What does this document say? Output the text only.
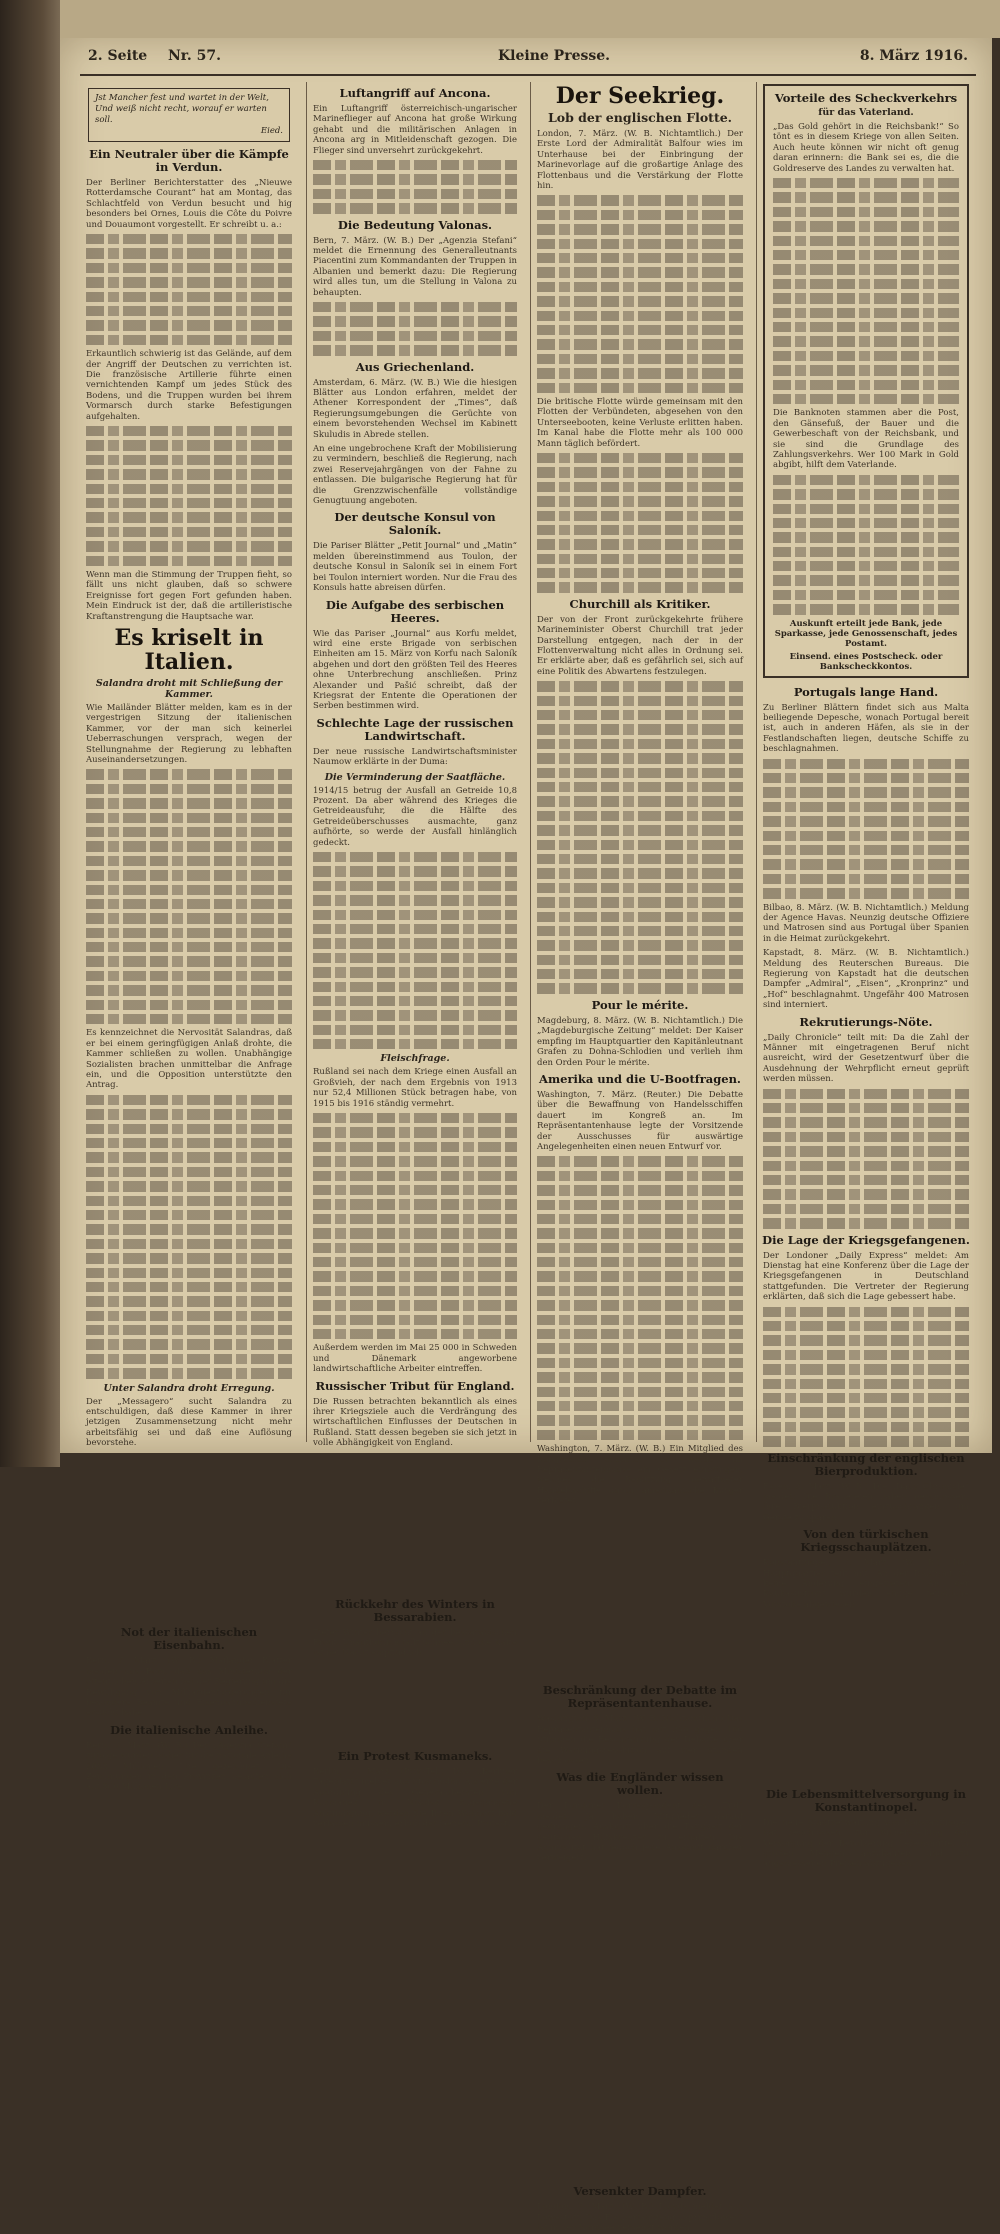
2. Seite Nr. 57.	Kleine Presse.	8. März 1916.
Jst Mancher fest und wartet in der Welt,
Und weiß nicht recht, worauf er warten soll.
Eied.
Ein Neutraler über die Kämpfe in Verdun.

Der Berliner Berichterstatter des „Nieuwe Rotterdamsche Courant“ hat am Montag, das Schlachtfeld von Verdun besucht und hig besonders bei Ornes, Louis die Côte du Poivre und Douaumont vorgestellt. Er schreibt u. a.:

Erkauntlich schwierig ist das Gelände, auf dem der Angriff der Deutschen zu verrichten ist. Die französische Artillerie führte einen vernichtenden Kampf um jedes Stück des Bodens, und die Truppen wurden bei ihrem Vormarsch durch starke Befestigungen aufgehalten.

Wenn man die Stimmung der Truppen fieht, so fällt uns nicht glauben, daß so schwere Ereignisse fort gegen Fort gefunden haben. Mein Eindruck ist der, daß die artilleristische Kraftanstrengung die Hauptsache war.

Es kriselt in Italien.
Salandra droht mit Schließung der Kammer.

Wie Mailänder Blätter melden, kam es in der vergestrigen Sitzung der italienischen Kammer, vor der man sich keinerlei Ueberraschungen versprach, wegen der Stellungnahme der Regierung zu lebhaften Auseinandersetzungen.

Es kennzeichnet die Nervosität Salandras, daß er bei einem geringfügigen Anlaß drohte, die Kammer schließen zu wollen. Unabhängige Sozialisten brachen unmittelbar die Anfrage ein, und die Opposition unterstützte den Antrag.

Unter Salandra droht Erregung.

Der „Messagero“ sucht Salandra zu entschuldigen, daß diese Kammer in ihrer jetzigen Zusammensetzung nicht mehr arbeitsfähig sei und daß eine Auflösung bevorstehe.

Not der italienischen Eisenbahn.

Bern, 7. März. (W. B.) Mailänder Blätter melden aus Rom, daß das Ministerium der öffentlichen Arbeiten bei der Regierung um die Bewilligung von Milliardenforderungen für besondere Beamte und Eisenbahnbedienstete ersucht habe.

Die italienische Anleihe.

Bern, 7. März. (W. B.) Der „Agenzia Stefani“ zufolge wurden bisher für die nationale Anleihe 2083 Millionen Lire gezeichnet. Die Zeichnungen in den Provinzen belaufen sich auf 800 Millionen Lire.

Luftangriff auf Ancona.

Ein Luftangriff österreichisch-ungarischer Marineflieger auf Ancona hat große Wirkung gehabt und die militärischen Anlagen in Ancona arg in Mitleidenschaft gezogen. Die Flieger sind unversehrt zurückgekehrt.

Die Bedeutung Valonas.

Bern, 7. März. (W. B.) Der „Agenzia Stefani“ meldet die Ernennung des Generalleutnants Piacentini zum Kommandanten der Truppen in Albanien und bemerkt dazu: Die Regierung wird alles tun, um die Stellung in Valona zu behaupten.

Aus Griechenland.

Amsterdam, 6. März. (W. B.) Wie die hiesigen Blätter aus London erfahren, meldet der Athener Korrespondent der „Times“, daß Regierungsumgebungen die Gerüchte von einem bevorstehenden Wechsel im Kabinett Skuludis in Abrede stellen.

An eine ungebrochene Kraft der Mobilisierung zu vermindern, beschließ die Regierung, nach zwei Reservejahrgängen von der Fahne zu entlassen. Die bulgarische Regierung hat für die Grenzzwischenfälle vollständige Genugtuung angeboten.

Der deutsche Konsul von Saloník.

Die Pariser Blätter „Petit Journal“ und „Matin“ melden übereinstimmend aus Toulon, der deutsche Konsul in Saloník sei in einem Fort bei Toulon interniert worden. Nur die Frau des Konsuls hatte abreisen dürfen.

Die Aufgabe des serbischen Heeres.

Wie das Pariser „Journal“ aus Korfu meldet, wird eine erste Brigade von serbischen Einheiten am 15. März von Korfu nach Saloník abgehen und dort den größten Teil des Heeres ohne Unterbrechung anschließen. Prinz Alexander und Pašić schreibt, daß der Kriegsrat der Entente die Operationen der Serben bestimmen wird.

Schlechte Lage der russischen Landwirtschaft.

Der neue russische Landwirtschaftsminister Naumow erklärte in der Duma:

Die Verminderung der Saatfläche.

1914/15 betrug der Ausfall an Getreide 10,8 Prozent. Da aber während des Krieges die Getreideausfuhr, die die Hälfte des Getreideüberschusses ausmachte, ganz aufhörte, so werde der Ausfall hinlänglich gedeckt.

Fleischfrage.

Rußland sei nach dem Kriege einen Ausfall an Großvieh, der nach dem Ergebnis von 1913 nur 52,4 Millionen Stück betragen habe, von 1915 bis 1916 ständig vermehrt.

Außerdem werden im Mai 25 000 in Schweden und Dänemark angeworbene landwirtschaftliche Arbeiter eintreffen.

Russischer Tribut für England.

Die Russen betrachten bekanntlich als eines ihrer Kriegsziele auch die Verdrängung des wirtschaftlichen Einflusses der Deutschen in Rußland. Statt dessen begeben sie sich jetzt in volle Abhängigkeit von England.

Rückkehr des Winters in Bessarabien.

Tiefer Winter herrscht an der bessarabischen Front. Unaufhörlich fällt Schnee, und die Kälte ist bei Nacht empfindlich.

Ein Protest Kusmaneks.

Berlin, 7. März. (Priv.-Tel.) Das „Berliner Tageblatt“ meldet aus Stockholm: Als eine der Abordnung des Generalobersten von Kusmanek in Nikolsk zugegangene Ankündigung, werden Sie Ihren Wohnort bald verlassen müssen, erhob der General Protest.

Der Seekrieg.
Lob der englischen Flotte.

London, 7. März. (W. B. Nichtamtlich.) Der Erste Lord der Admiralität Balfour wies im Unterhause bei der Einbringung der Marinevorlage auf die großartige Anlage des Flottenbaus und die Verstärkung der Flotte hin.

Die britische Flotte würde gemeinsam mit den Flotten der Verbündeten, abgesehen von den Unterseebooten, keine Verluste erlitten haben. Im Kanal habe die Flotte mehr als 100 000 Mann täglich befördert.

Churchill als Kritiker.

Der von der Front zurückgekehrte frühere Marineminister Oberst Churchill trat jeder Darstellung entgegen, nach der in der Flottenverwaltung nicht alles in Ordnung sei. Er erklärte aber, daß es gefährlich sei, sich auf eine Politik des Abwartens festzulegen.

Pour le mérite.

Magdeburg, 8. März. (W. B. Nichtamtlich.) Die „Magdeburgische Zeitung“ meldet: Der Kaiser empfing im Hauptquartier den Kapitänleutnant Grafen zu Dohna-Schlodien und verlieh ihm den Orden Pour le mérite.

Amerika und die U-Bootfragen.

Washington, 7. März. (Reuter.) Die Debatte über die Bewaffnung von Handelsschiffen dauert im Kongreß an. Im Repräsentantenhause legte der Vorsitzende der Ausschusses für auswärtige Angelegenheiten einen neuen Entwurf vor.

Washington, 7. März. (W. B.) Ein Mitglied des Kongresses erklärte, er werde im Repräsentantenhause ein Gesetz einbringen, welches die Benutzung bewaffneter Handelsschiffe durch amerikanische Bürger verbietet.

Beschränkung der Debatte im Repräsentantenhause.

Washington, 8. März. (W. B. Nichtamtlich.) Das Repräsentantenhaus hat mit 256 gegen 160 Stimmen die Beschränkung der Debatte über die Warnungsresolution auf vier Stunden beschlossen.

Was die Engländer wissen wollen.

Der Londoner Korrespondent des „Tijd“ meldet: Ja, haben Mitglieder darauf gedrungen, Auskunft über die Tätigkeit der deutschen Hilfskreuzer zu erhalten. Die Admiralität hat jedoch jede Auskunft darüber verweigert.

Versenkter Dampfer.

London, 7. März. (W. B.) Lloyds meldet aus Lowestoft: Das Fischerfahrzeug „Springflower“ ist in der Nordsee versenkt worden.

Vorteile des Scheckverkehrs
für das Vaterland.

„Das Gold gehört in die Reichsbank!“ So tönt es in diesem Kriege von allen Seiten. Auch heute können wir nicht oft genug daran erinnern: die Bank sei es, die die Goldreserve des Landes zu verwalten hat.

Die Banknoten stammen aber die Post, den Gänsefuß, der Bauer und die Gewerbeschaft von der Reichsbank, und sie sind die Grundlage des Zahlungsverkehrs. Wer 100 Mark in Gold abgibt, hilft dem Vaterlande.

Auskunft erteilt jede Bank, jede Sparkasse, jede Genossenschaft, jedes Postamt.
Einsend. eines Postscheck. oder Bankscheckkontos.
Portugals lange Hand.

Zu Berliner Blättern findet sich aus Malta beiliegende Depesche, wonach Portugal bereit ist, auch in anderen Häfen, als sie in der Festlandschaften liegen, deutsche Schiffe zu beschlagnahmen.

Bilbao, 8. März. (W. B. Nichtamtlich.) Meldung der Agence Havas. Neunzig deutsche Offiziere und Matrosen sind aus Portugal über Spanien in die Heimat zurückgekehrt.

Kapstadt, 8. März. (W. B. Nichtamtlich.) Meldung des Reuterschen Bureaus. Die Regierung von Kapstadt hat die deutschen Dampfer „Admiral“, „Eisen“, „Kronprinz“ und „Hof“ beschlagnahmt. Ungefähr 400 Matrosen sind interniert.

Rekrutierungs-Nöte.

„Daily Chronicle“ teilt mit: Da die Zahl der Männer mit eingetragenen Beruf nicht ausreicht, wird der Gesetzentwurf über die Ausdehnung der Wehrpflicht erneut geprüft werden müssen.

Die Lage der Kriegsgefangenen.

Der Londoner „Daily Express“ meldet: Am Dienstag hat eine Konferenz über die Lage der Kriegsgefangenen in Deutschland stattgefunden. Die Vertreter der Regierung erklärten, daß sich die Lage gebessert habe.

Einschränkung der englischen Bierproduktion.

Essen, 8. März. (W. B.) Die „Daily Chronicle“ meldet: Die Brauereien haben beschlossen, ihre Bierproduktion einzuschränken, um Gerste zu sparen.

Von den türkischen Kriegsschauplätzen.

Konstantinopel, 7. März. (W. B.) Das Hauptquartier teilt mit: An der Irakfront ist keine Änderung eingetreten. An der Kaukasusfront wurden einige feindliche Vorstöße abgewiesen.

Die Lebensmittelversorgung in Konstantinopel.

Die neue Stadtverwaltung von Konstantinopel hat beschlossen, zur Sicherstellung der Versorgung der Bevölkerung Lebensmittel in großen Mengen anzukaufen und zu angemessenen Preisen abzugeben.
